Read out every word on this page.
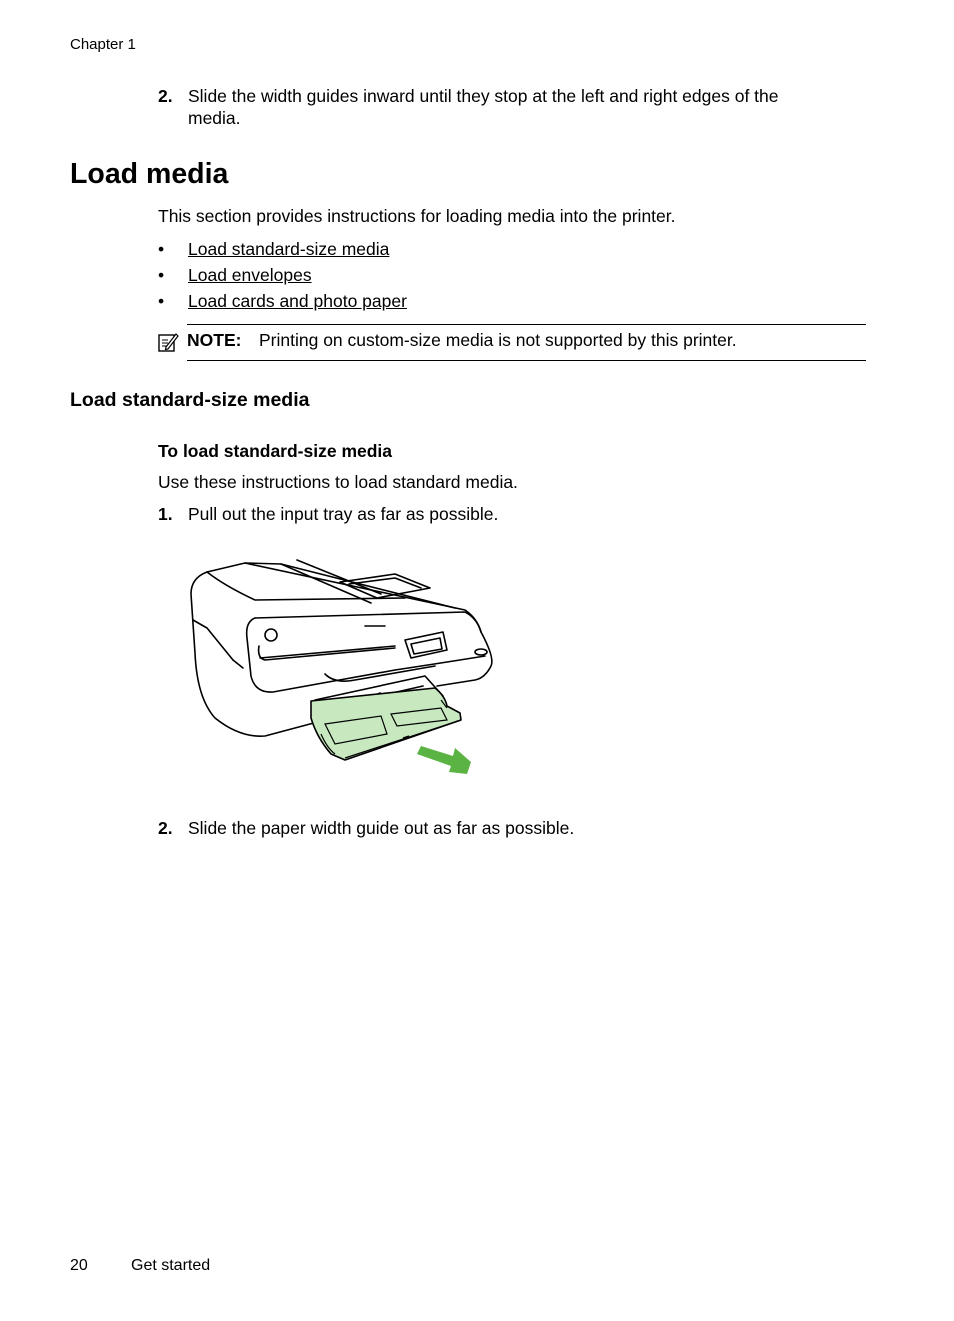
Chapter 1
2. Slide the width guides inward until they stop at the left and right edges of the
media.
Load media
This section provides instructions for loading media into the printer.
• Load standard-size media
• Load envelopes
• Load cards and photo paper
NOTE: Printing on custom-size media is not supported by this printer.
Load standard-size media
To load standard-size media
Use these instructions to load standard media.
1. Pull out the input tray as far as possible.
2. Slide the paper width guide out as far as possible.
20	Get started
